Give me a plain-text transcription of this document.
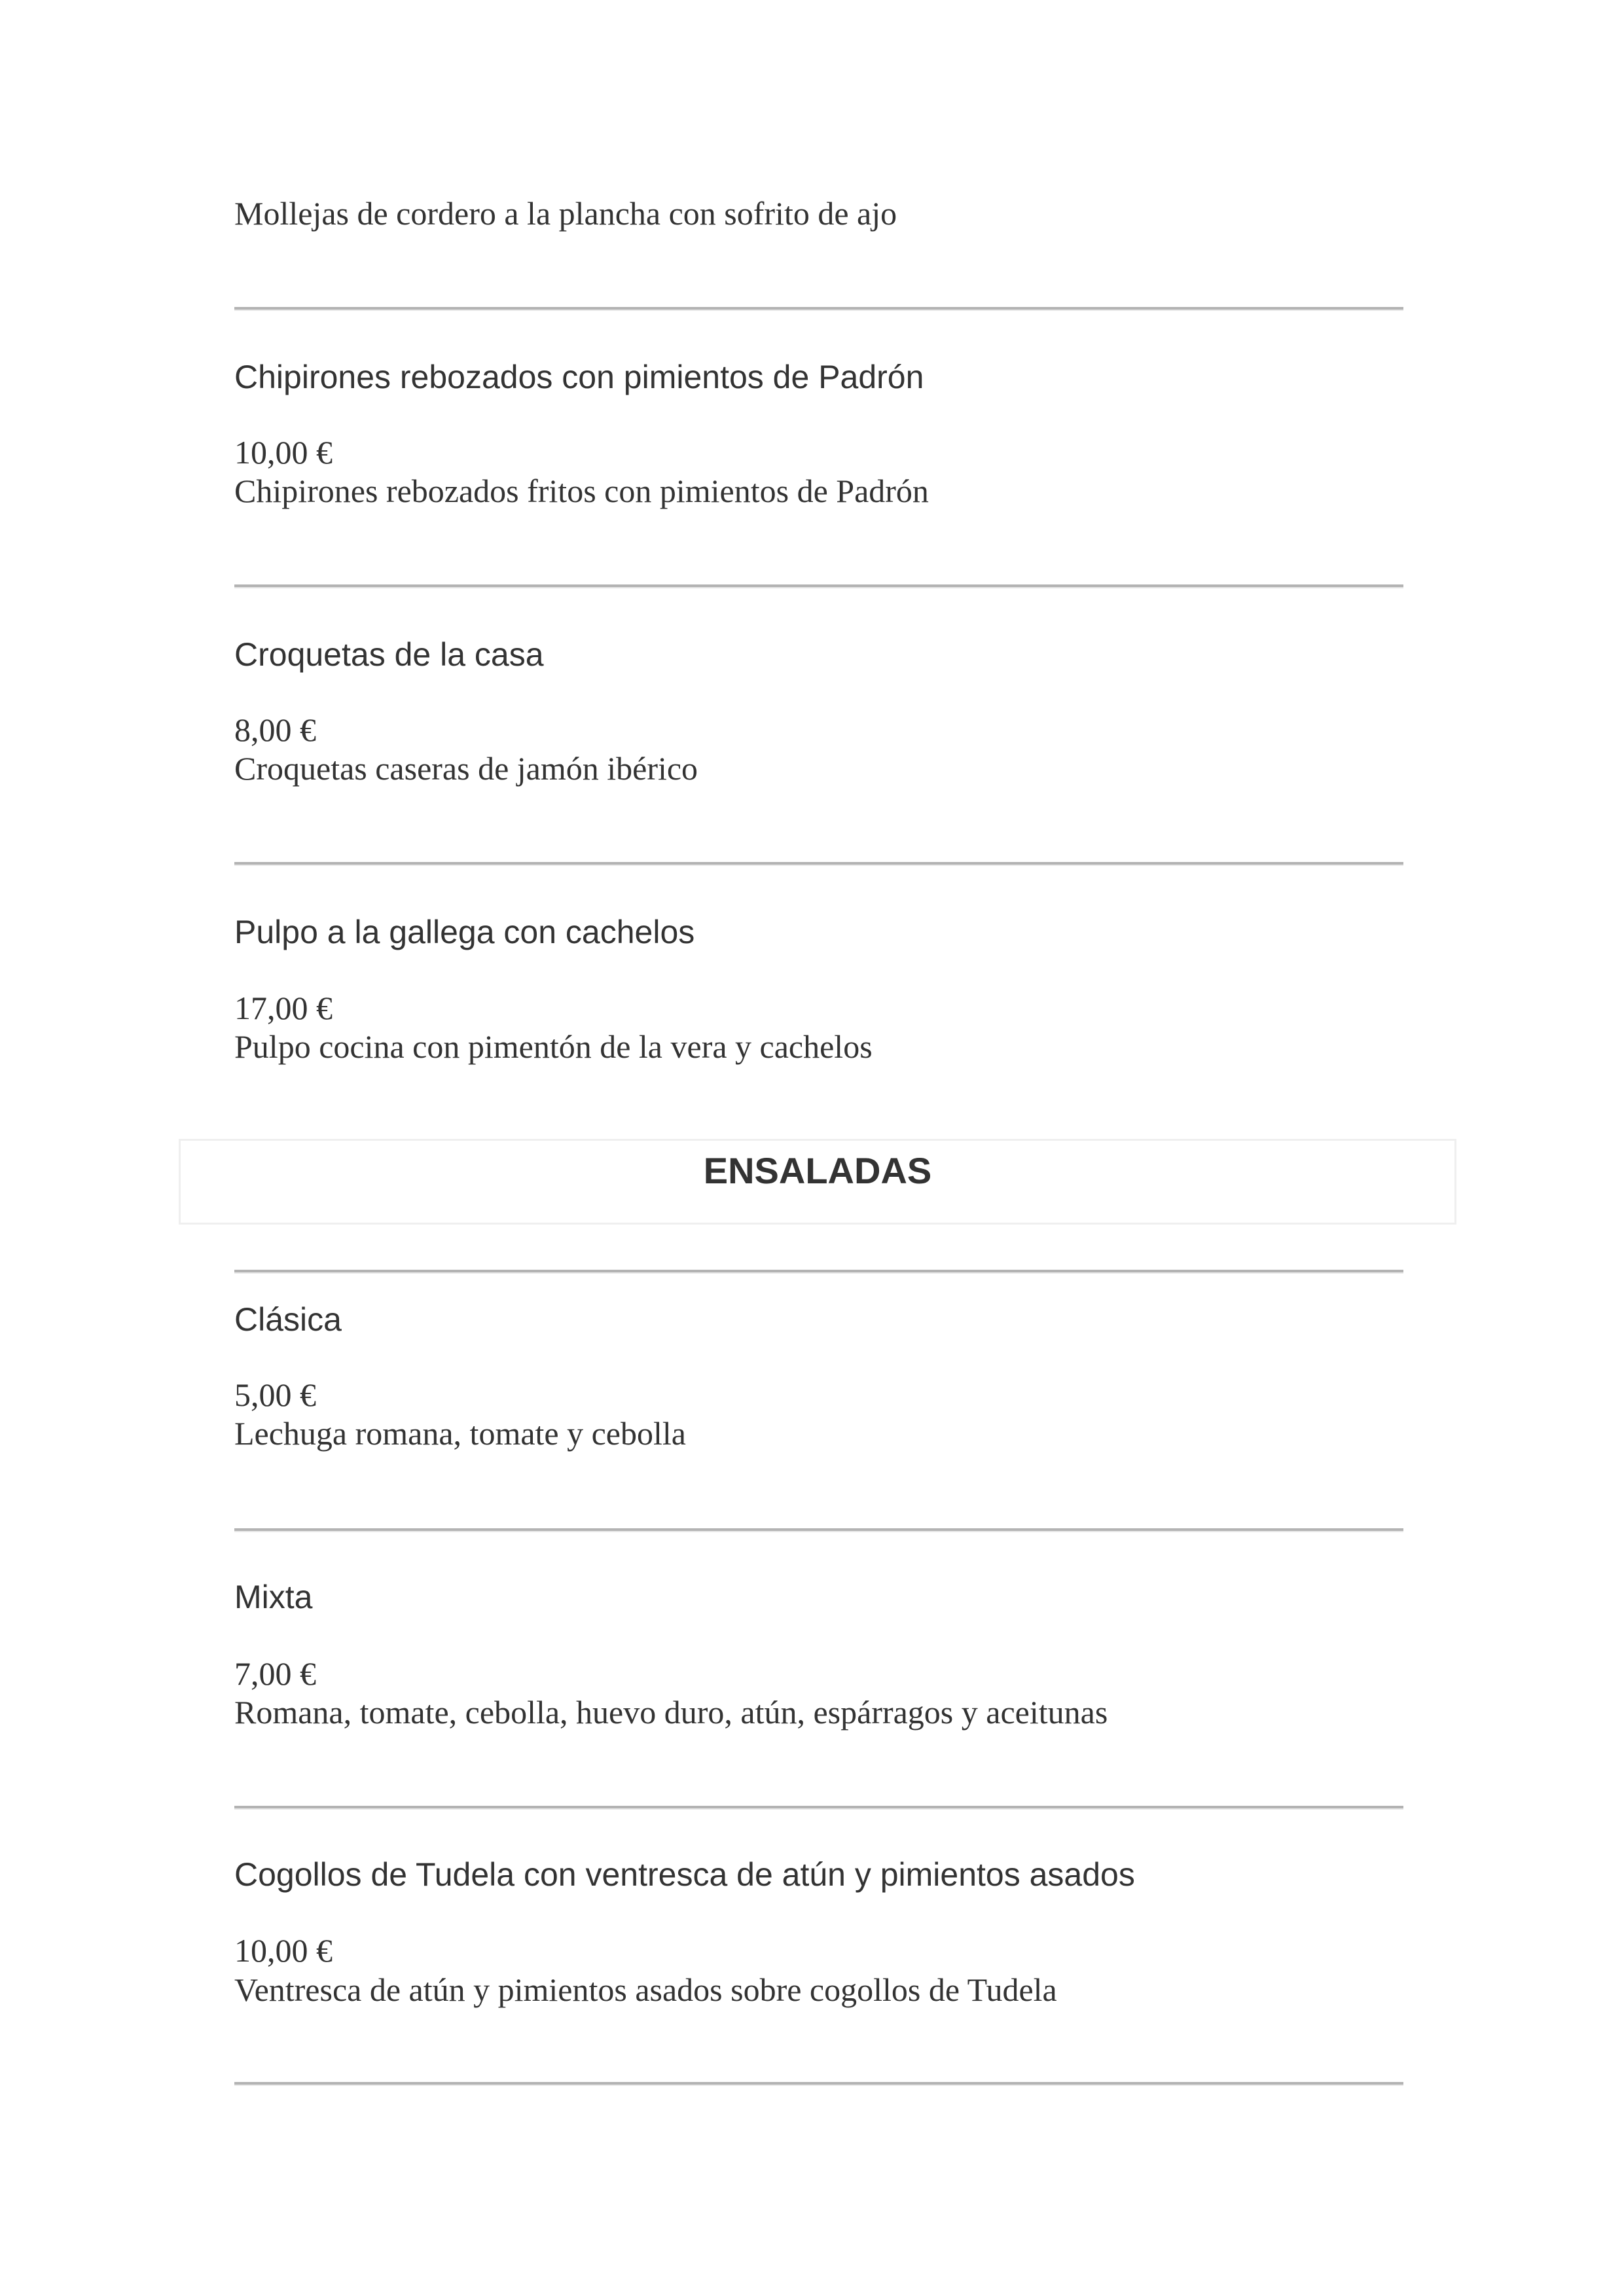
Mollejas de cordero a la plancha con sofrito de ajo
Chipirones rebozados con pimientos de Padrón
10,00 €
Chipirones rebozados fritos con pimientos de Padrón
Croquetas de la casa
8,00 €
Croquetas caseras de jamón ibérico
Pulpo a la gallega con cachelos
17,00 €
Pulpo cocina con pimentón de la vera y cachelos
ENSALADAS
Clásica
5,00 €
Lechuga romana, tomate y cebolla
Mixta
7,00 €
Romana, tomate, cebolla, huevo duro, atún, espárragos y aceitunas
Cogollos de Tudela con ventresca de atún y pimientos asados
10,00 €
Ventresca de atún y pimientos asados sobre cogollos de Tudela
